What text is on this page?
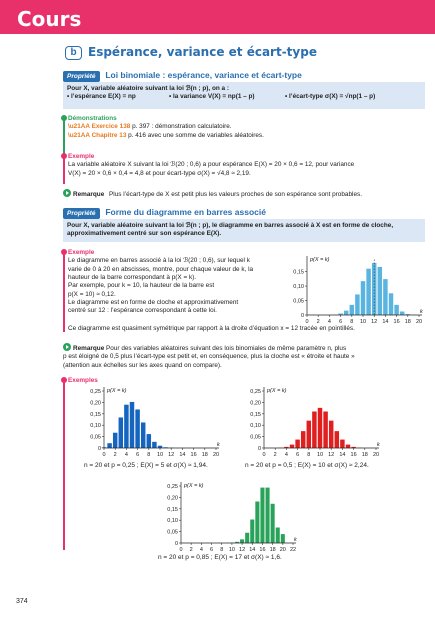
Cours
b Espérance, variance et écart-type
Propriété Loi binomiale : espérance, variance et écart-type
Pour X, variable aléatoire suivant la loi ℬ(n ; p), on a :
• l’espérance E(X) = np	• la variance V(X) = np(1 – p)	• l’écart-type σ(X) = √np(1 – p)
Démonstrations
\u21AA Exercice 138 p. 397 : démonstration calculatoire.
\u21AA Chapitre 13 p. 416 avec une somme de variables aléatoires.
Exemple
La variable aléatoire X suivant la loi ℬ(20 ; 0,6) a pour espérance E(X) = 20 × 0,6 = 12, pour variance
V(X) = 20 × 0,6 × 0,4 = 4,8 et pour écart-type σ(X) = √4,8 ≈ 2,19.
Remarque Plus l’écart-type de X est petit plus les valeurs proches de son espérance sont probables.
Propriété Forme du diagramme en barres associé
Pour X, variable aléatoire suivant la loi ℬ(n ; p), le diagramme en barres associé à X est en forme de cloche,
approximativement centré sur son espérance E(X).
Exemple
Le diagramme en barres associé à la loi ℬ(20 ; 0,6), sur lequel k
varie de 0 à 20 en abscisses, montre, pour chaque valeur de k, la
hauteur de la barre correspondant à p(X = k).
Par exemple, pour k = 10, la hauteur de la barre est
p(X = 10) ≈ 0,12.
Le diagramme est en forme de cloche et approximativement
centré sur 12 : l’espérance correspondant à cette loi.
Ce diagramme est quasiment symétrique par rapport à la droite d’équation x = 12 tracée en pointillés.
0
0,05
0,10
0,15
0 2 4 6 8 10 12 14 16 18 20
p(X = k)
k
Remarque Pour des variables aléatoires suivant des lois binomiales de même paramètre n, plus
p est éloigné de 0,5 plus l’écart-type est petit et, en conséquence, plus la cloche est « étroite et haute »
(attention aux échelles sur les axes quand on compare).
Exemples
0
0,05
0,10
0,15
0,20
0,25
0 2 4 6 8 10 12 14 16 18 20
p(X = k)
k
n = 20 et p = 0,25 ; E(X) = 5 et σ(X) ≈ 1,94.
0
0,05
0,10
0,15
0,20
0,25
0 2 4 6 8 10 12 14 16 18 20
p(X = k)
k
n = 20 et p = 0,5 ; E(X) = 10 et σ(X) ≈ 2,24.
0
0,05
0,10
0,15
0,20
0,25
0 2 4 6 8 10 12 14 16 18 20 22
p(X = k)
k
n = 20 et p = 0,85 ; E(X) = 17 et σ(X) ≈ 1,6.
374
